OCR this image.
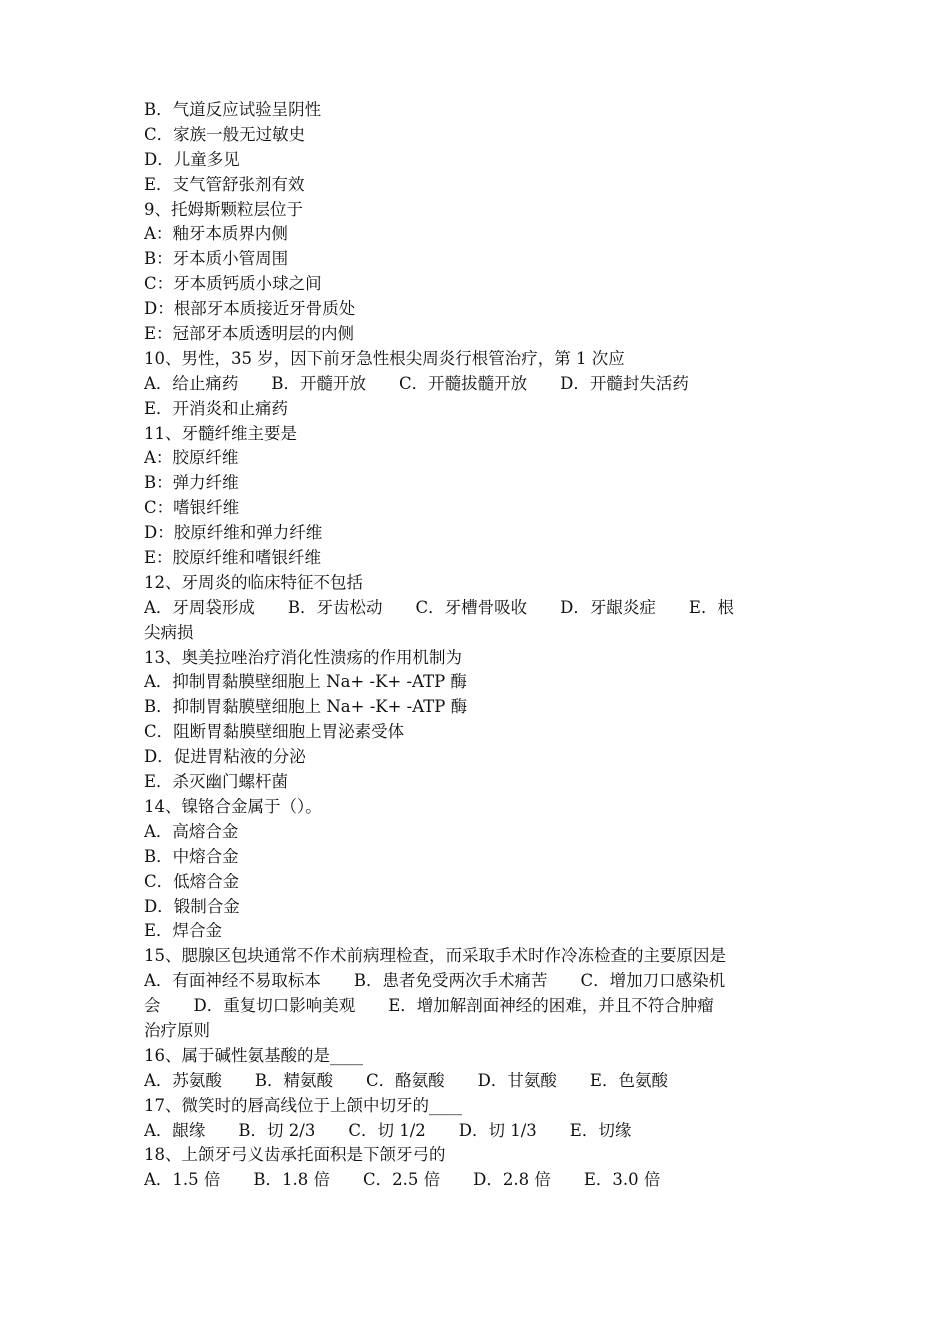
B．气道反应试验呈阴性
C．家族一般无过敏史
D．儿童多见
E．支气管舒张剂有效
9、托姆斯颗粒层位于
A：釉牙本质界内侧
B：牙本质小管周围
C：牙本质钙质小球之间
D：根部牙本质接近牙骨质处
E：冠部牙本质透明层的内侧
10、男性，35 岁，因下前牙急性根尖周炎行根管治疗，第 1 次应
A．给止痛药　　B．开髓开放　　C．开髓拔髓开放　　D．开髓封失活药
E．开消炎和止痛药
11、牙髓纤维主要是
A：胶原纤维
B：弹力纤维
C：嗜银纤维
D：胶原纤维和弹力纤维
E：胶原纤维和嗜银纤维
12、牙周炎的临床特征不包括
A．牙周袋形成　　B．牙齿松动　　C．牙槽骨吸收　　D．牙龈炎症　　E．根
尖病损
13、奥美拉唑治疗消化性溃疡的作用机制为
A．抑制胃黏膜壁细胞上 Na+ -K+ -ATP 酶
B．抑制胃黏膜壁细胞上 Na+ -K+ -ATP 酶
C．阻断胃黏膜壁细胞上胃泌素受体
D．促进胃粘液的分泌
E．杀灭幽门螺杆菌
14、镍铬合金属于（）。
A．高熔合金
B．中熔合金
C．低熔合金
D．锻制合金
E．焊合金
15、腮腺区包块通常不作术前病理检查，而采取手术时作冷冻检查的主要原因是
A．有面神经不易取标本　　B．患者免受两次手术痛苦　　C．增加刀口感染机
会　　D．重复切口影响美观　　E．增加解剖面神经的困难，并且不符合肿瘤
治疗原则
16、属于碱性氨基酸的是____
A．苏氨酸　　B．精氨酸　　C．酪氨酸　　D．甘氨酸　　E．色氨酸
17、微笑时的唇高线位于上颌中切牙的____
A．龈缘　　B．切 2/3　　C．切 1/2　　D．切 1/3　　E．切缘
18、上颌牙弓义齿承托面积是下颌牙弓的
A．1.5 倍　　B．1.8 倍　　C．2.5 倍　　D．2.8 倍　　E．3.0 倍
